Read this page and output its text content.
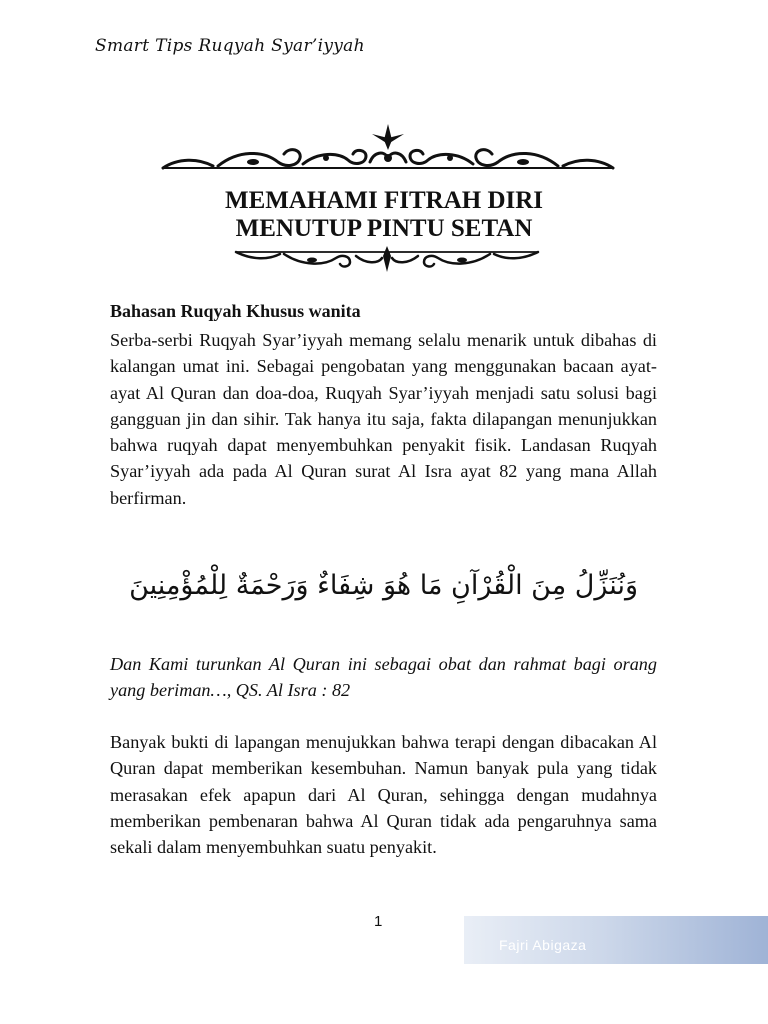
Smart Tips Ruqyah Syar’iyyah
MEMAHAMI FITRAH DIRI
MENUTUP PINTU SETAN
Bahasan Ruqyah Khusus wanita
Serba-serbi Ruqyah Syar’iyyah memang selalu menarik untuk dibahas di kalangan umat ini. Sebagai pengobatan yang menggunakan bacaan ayat-ayat Al Quran dan doa-doa, Ruqyah Syar’iyyah menjadi satu solusi bagi gangguan jin dan sihir. Tak hanya itu saja, fakta dilapangan menunjukkan bahwa ruqyah dapat menyembuhkan penyakit fisik. Landasan Ruqyah Syar’iyyah ada pada Al Quran surat Al Isra ayat 82 yang mana Allah berfirman.
وَنُنَزِّلُ مِنَ الْقُرْآنِ مَا هُوَ شِفَاءٌ وَرَحْمَةٌ لِلْمُؤْمِنِينَ
Dan Kami turunkan Al Quran ini sebagai obat dan rahmat bagi orang yang beriman…, QS. Al Isra : 82
Banyak bukti di lapangan menujukkan bahwa terapi dengan dibacakan Al Quran dapat memberikan kesembuhan. Namun banyak pula yang tidak merasakan efek apapun dari Al Quran, sehingga dengan mudahnya memberikan pembenaran bahwa Al Quran tidak ada pengaruhnya sama sekali dalam menyembuhkan suatu penyakit.
1
Fajri Abigaza
